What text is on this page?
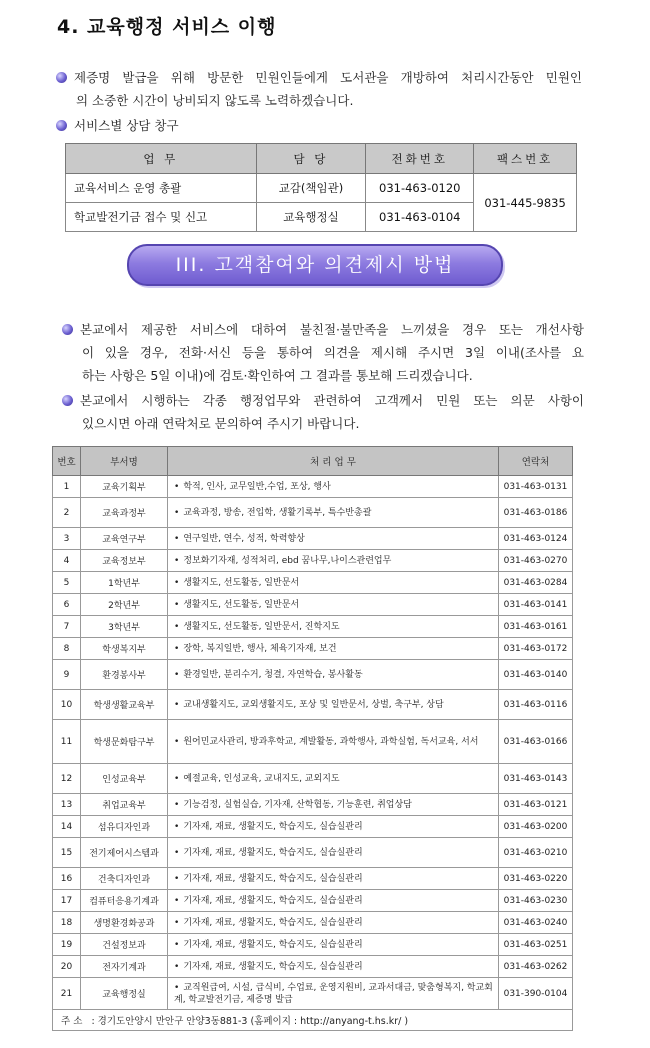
4. 교육행정 서비스 이행
제증명 발급을 위해 방문한 민원인들에게 도서관을 개방하여 처리시간동안 민원인
의 소중한 시간이 낭비되지 않도록 노력하겠습니다.
서비스별 상담 창구
업 무	담 당	전화번호	팩스번호
교육서비스 운영 총괄	교감(책임관)	031-463-0120	031-445-9835
학교발전기금 접수 및 신고	교육행정실	031-463-0104	
III. 고객참여와 의견제시 방법
본교에서 제공한 서비스에 대하여 불친절·불만족을 느끼셨을 경우 또는 개선사항
이 있을 경우, 전화·서신 등을 통하여 의견을 제시해 주시면 3일 이내(조사를 요
하는 사항은 5일 이내)에 검토·확인하여 그 결과를 통보해 드리겠습니다.
본교에서 시행하는 각종 행정업무와 관련하여 고객께서 민원 또는 의문 사항이
있으시면 아래 연락처로 문의하여 주시기 바랍니다.
번호	부서명	처 리 업 무	연락처
1	교육기획부	• 학적, 인사, 교무일반,수업, 포상, 행사	031-463-0131
2	교육과정부	• 교육과정, 방송, 전입학, 생활기록부, 특수반총괄	031-463-0186
3	교육연구부	• 연구일반, 연수, 성적, 학력향상	031-463-0124
4	교육정보부	• 정보화기자재, 성적처리, ebd 꿈나무,나이스관련업무	031-463-0270
5	1학년부	• 생활지도, 선도활동, 일반문서	031-463-0284
6	2학년부	• 생활지도, 선도활동, 일반문서	031-463-0141
7	3학년부	• 생활지도, 선도활동, 일반문서, 진학지도	031-463-0161
8	학생복지부	• 장학, 복지일반, 행사, 체육기자재, 보건	031-463-0172
9	환경봉사부	• 환경일반, 분리수거, 청결, 자연학습, 봉사활동	031-463-0140
10	학생생활교육부	• 교내생활지도, 교외생활지도, 포상 및 일반문서, 상벌, 축구부, 상담	031-463-0116
11	학생문화탐구부	• 원어민교사관리, 방과후학교, 계발활동, 과학행사, 과학실험, 독서교육, 서서	031-463-0166
12	인성교육부	• 예절교육, 인성교육, 교내지도, 교외지도	031-463-0143
13	취업교육부	• 기능검정, 실험실습, 기자재, 산학협동, 기능훈련, 취업상담	031-463-0121
14	섬유디자인과	• 기자재, 재료, 생활지도, 학습지도, 실습실관리	031-463-0200
15	전기제어시스템과	• 기자재, 재료, 생활지도, 학습지도, 실습실관리	031-463-0210
16	건축디자인과	• 기자재, 재료, 생활지도, 학습지도, 실습실관리	031-463-0220
17	컴퓨터응용기계과	• 기자재, 재료, 생활지도, 학습지도, 실습실관리	031-463-0230
18	생명환경화공과	• 기자재, 재료, 생활지도, 학습지도, 실습실관리	031-463-0240
19	건설정보과	• 기자재, 재료, 생활지도, 학습지도, 실습실관리	031-463-0251
20	전자기계과	• 기자재, 재료, 생활지도, 학습지도, 실습실관리	031-463-0262
21	교육행정실	• 교직원급여, 시설, 급식비, 수업료, 운영지원비, 교과서대금, 맞춤형복지, 학교회계, 학교발전기금, 제증명 발급	031-390-0104
주 소 : 경기도안양시 만안구 안양3동881-3 (홈페이지 : http://anyang-t.hs.kr/ )			
